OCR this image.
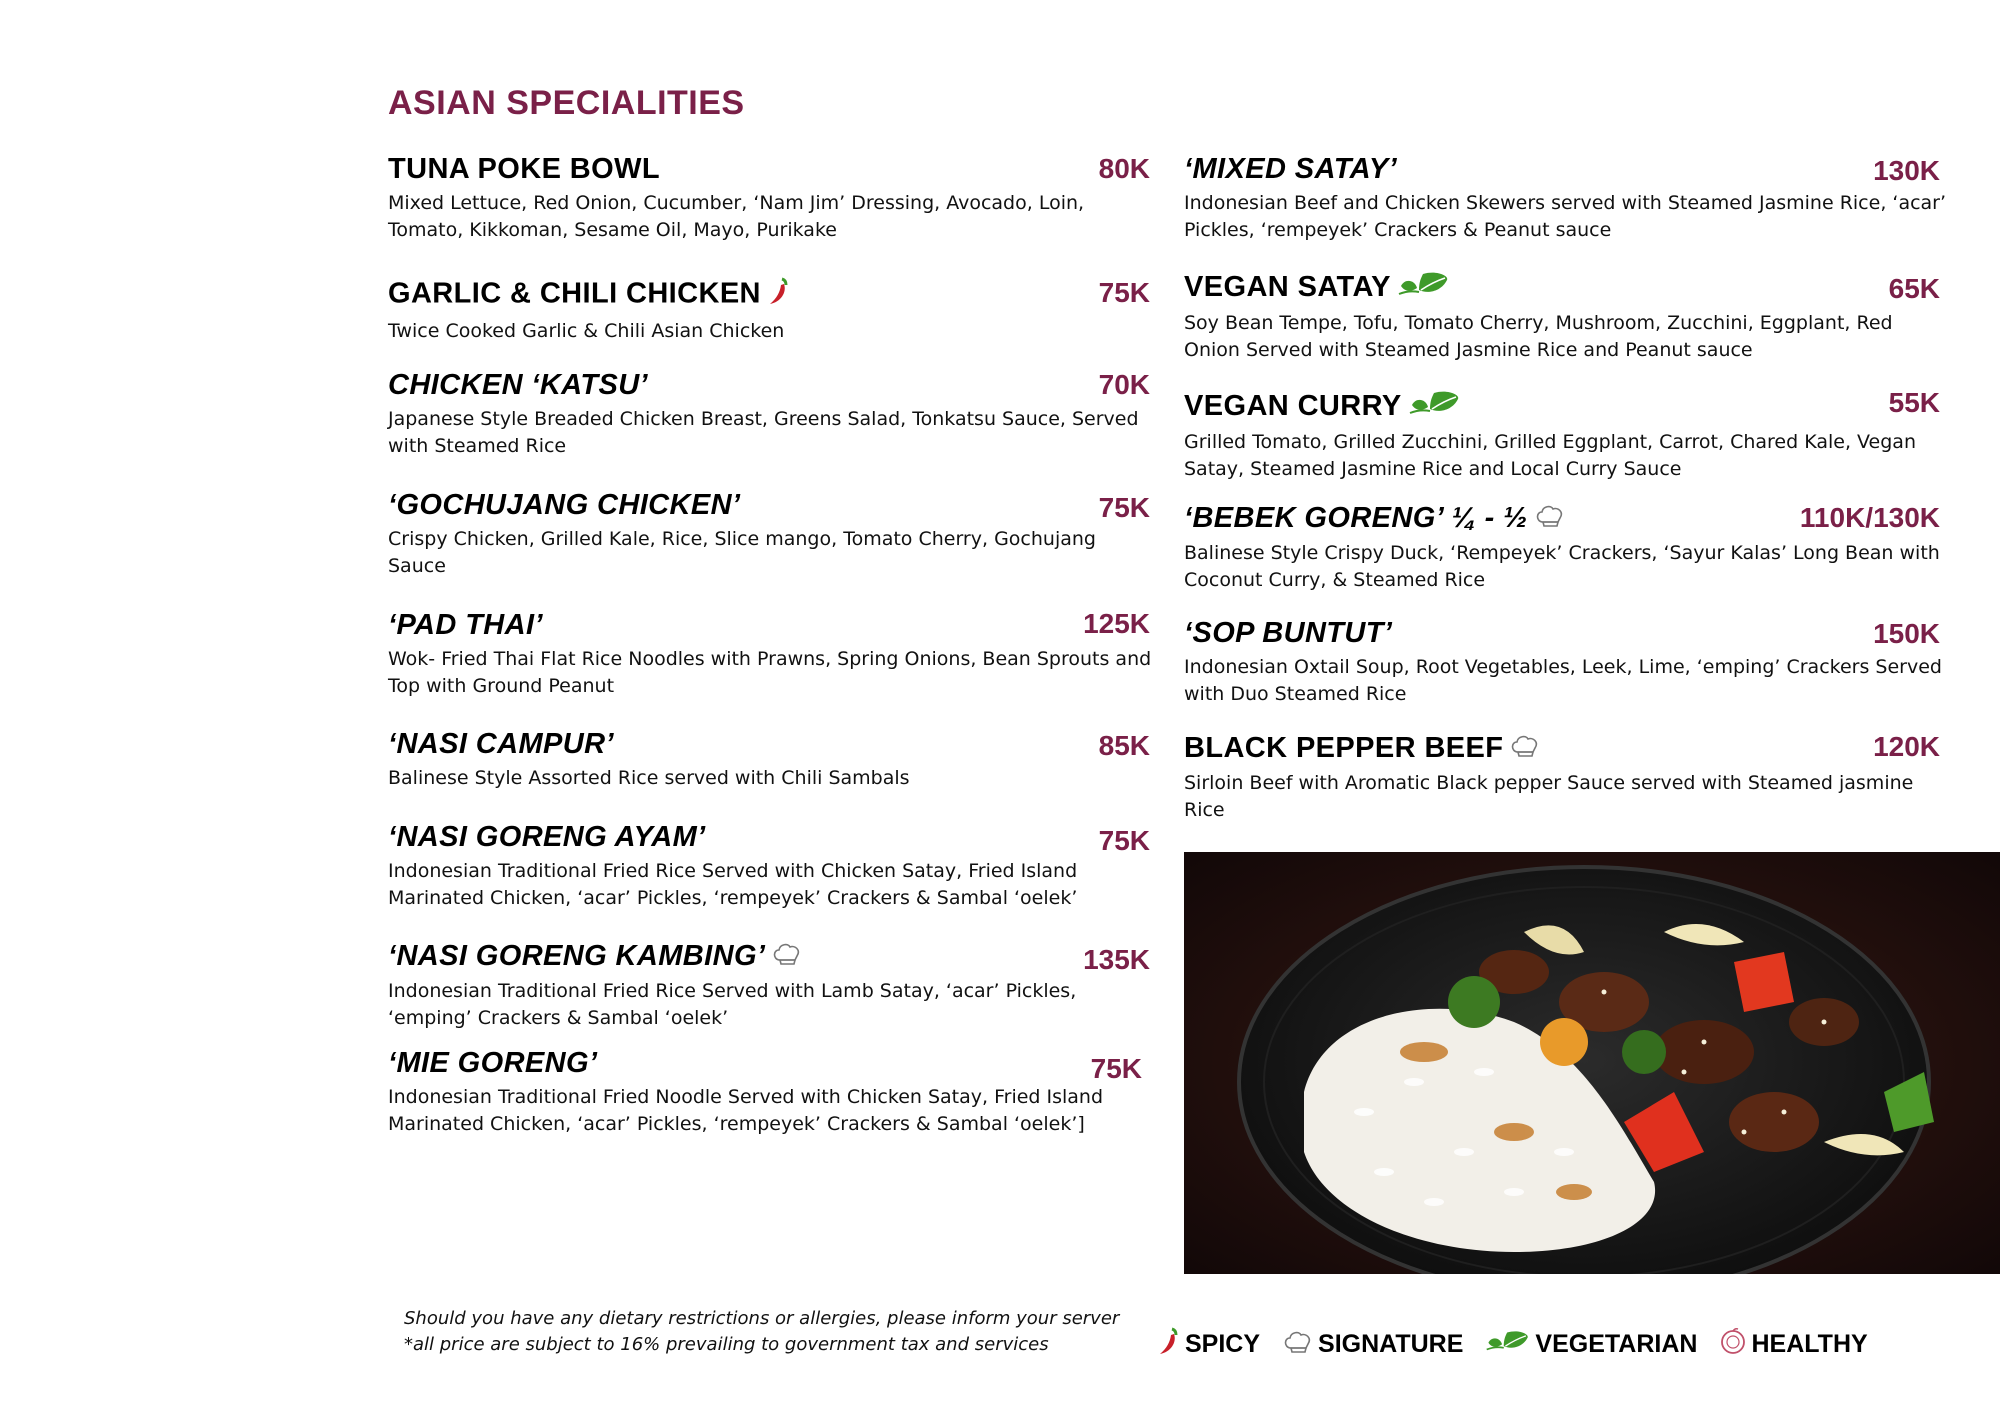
ASIAN SPECIALITIES
TUNA POKE BOWL
Mixed Lettuce, Red Onion, Cucumber, ‘Nam Jim’ Dressing, Avocado, Loin, Tomato, Kikkoman, Sesame Oil, Mayo, Purikake
80K
GARLIC & CHILI CHICKEN
Twice Cooked Garlic & Chili Asian Chicken
75K
CHICKEN ‘KATSU’
Japanese Style Breaded Chicken Breast, Greens Salad, Tonkatsu Sauce, Served with Steamed Rice
70K
‘GOCHUJANG CHICKEN’
Crispy Chicken, Grilled Kale, Rice, Slice mango, Tomato Cherry, Gochujang Sauce
75K
‘PAD THAI’
Wok- Fried Thai Flat Rice Noodles with Prawns, Spring Onions, Bean Sprouts and Top with Ground Peanut
125K
‘NASI CAMPUR’
Balinese Style Assorted Rice served with Chili Sambals
85K
‘NASI GORENG AYAM’
Indonesian Traditional Fried Rice Served with Chicken Satay, Fried Island Marinated Chicken, ‘acar’ Pickles, ‘rempeyek’ Crackers & Sambal ‘oelek’
75K
‘NASI GORENG KAMBING’
Indonesian Traditional Fried Rice Served with Lamb Satay, ‘acar’ Pickles, ‘emping’ Crackers & Sambal ‘oelek’
135K
‘MIE GORENG’
Indonesian Traditional Fried Noodle Served with Chicken Satay, Fried Island Marinated Chicken, ‘acar’ Pickles, ‘rempeyek’ Crackers & Sambal ‘oelek’]
75K
‘MIXED SATAY’
Indonesian Beef and Chicken Skewers served with Steamed Jasmine Rice, ‘acar’ Pickles, ‘rempeyek’ Crackers & Peanut sauce
130K
VEGAN SATAY
Soy Bean Tempe, Tofu, Tomato Cherry, Mushroom, Zucchini, Eggplant, Red Onion Served with Steamed Jasmine Rice and Peanut sauce
65K
VEGAN CURRY
Grilled Tomato, Grilled Zucchini, Grilled Eggplant, Carrot, Chared Kale, Vegan Satay, Steamed Jasmine Rice and Local Curry Sauce
55K
‘BEBEK GORENG’ ¼ - ½
Balinese Style Crispy Duck, ‘Rempeyek’ Crackers, ‘Sayur Kalas’ Long Bean with Coconut Curry, & Steamed Rice
110K/130K
‘SOP BUNTUT’
Indonesian Oxtail Soup, Root Vegetables, Leek, Lime, ‘emping’ Crackers Served with Duo Steamed Rice
150K
BLACK PEPPER BEEF
Sirloin Beef with Aromatic Black pepper Sauce served with Steamed jasmine Rice
120K
Should you have any dietary restrictions or allergies, please inform your server
*all price are subject to 16% prevailing to government tax and services	SPICY SIGNATURE	VEGETARIAN HEALTHY
